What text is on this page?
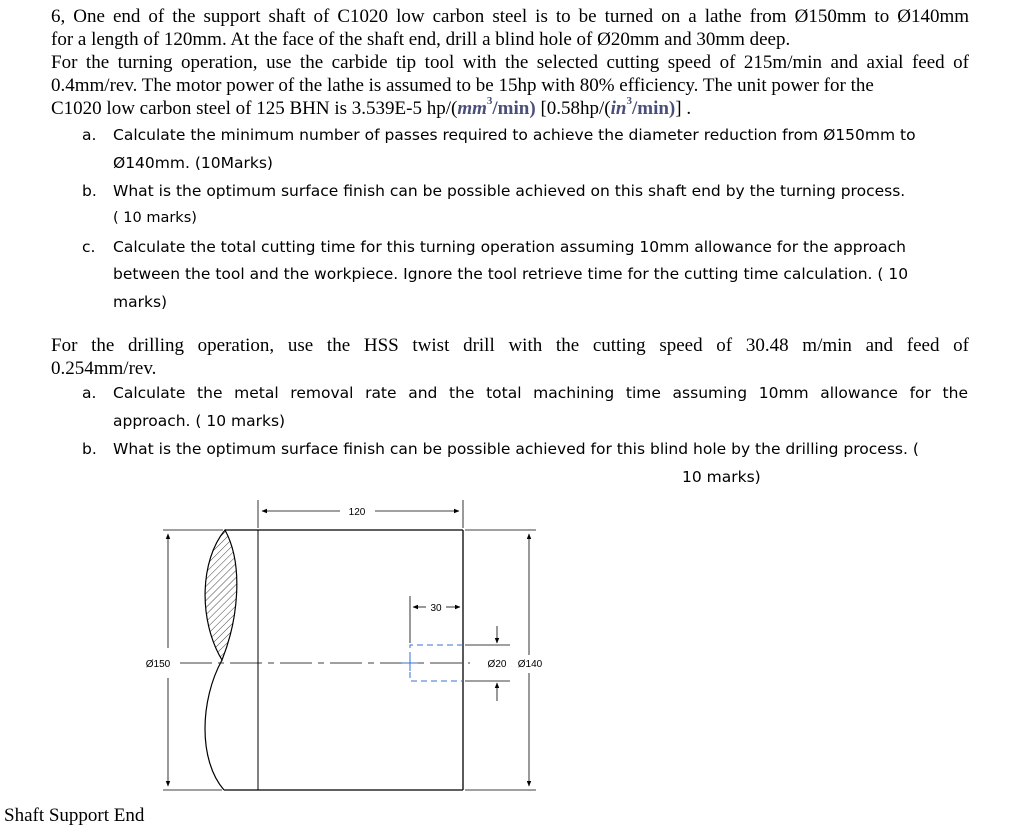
6, One end of the support shaft of C1020 low carbon steel is to be turned on a lathe from Ø150mm to Ø140mm
for a length of 120mm. At the face of the shaft end, drill a blind hole of Ø20mm and 30mm deep.
For the turning operation, use the carbide tip tool with the selected cutting speed of 215m/min and axial feed of
0.4mm/rev. The motor power of the lathe is assumed to be 15hp with 80% efficiency. The unit power for the
C1020 low carbon steel of 125 BHN is 3.539E-5 $hp/(mm^3/\min)$ $[0.58hp/(in^3/\min)]$ .
a. Calculate the minimum number of passes required to achieve the diameter reduction from Ø150mm to
Ø140mm. (10Marks)
b. What is the optimum surface finish can be possible achieved on this shaft end by the turning process.
( 10 marks)
c. Calculate the total cutting time for this turning operation assuming 10mm allowance for the approach
between the tool and the workpiece. Ignore the tool retrieve time for the cutting time calculation. ( 10
marks)
For the drilling operation, use the HSS twist drill with the cutting speed of 30.48 m/min and feed of
0.254mm/rev.
a. Calculate the metal removal rate and the total machining time assuming 10mm allowance for the
approach. ( 10 marks)
b. What is the optimum surface finish can be possible achieved for this blind hole by the drilling process. (
10 marks)
120
30
Ø150	Ø20 Ø140
Shaft Support End
